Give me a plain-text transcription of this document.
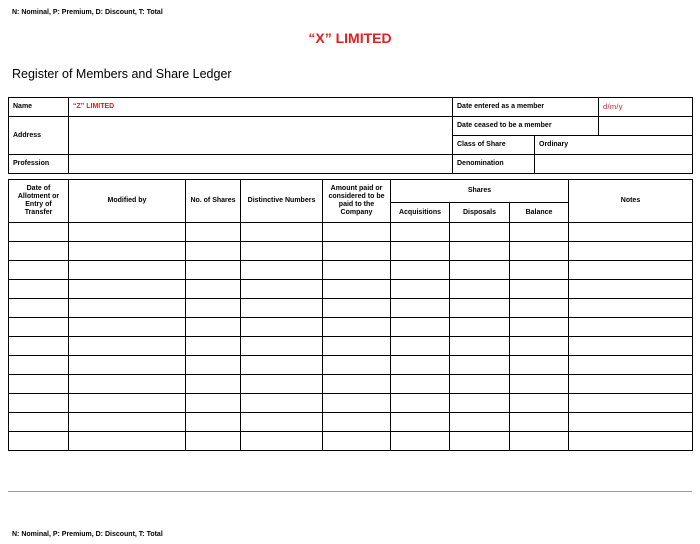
N: Nominal, P: Premium, D: Discount, T: Total
“X” LIMITED
Register of Members and Share Ledger
Name	“Z” LIMITED	Date entered as a member		d/m/y
Address		Date ceased to be a member		
		Class of Share	Ordinary	
Profession		Denomination		
Date of Allotment or Entry of Transfer	Modified by	No. of Shares	Distinctive Numbers	Amount paid or considered to be paid to the Company	Shares			Notes
					Acquisitions	Disposals	Balance	

N: Nominal, P: Premium, D: Discount, T: Total
